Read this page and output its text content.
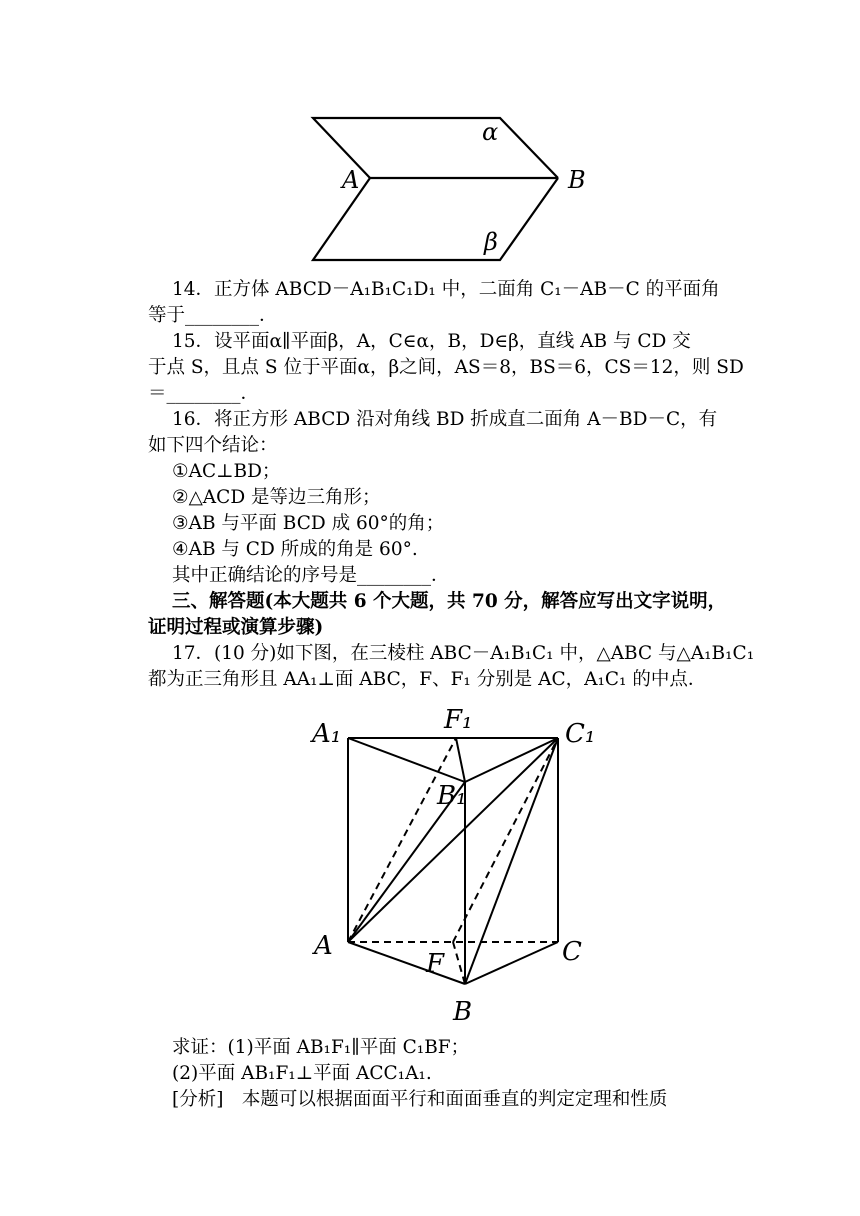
α
β
A	B
14．正方体 ABCD－A₁B₁C₁D₁ 中，二面角 C₁－AB－C 的平面角
等于________．
15．设平面α∥平面β，A，C∈α，B，D∈β，直线 AB 与 CD 交
于点 S，且点 S 位于平面α，β之间，AS＝8，BS＝6，CS＝12，则 SD
＝________．
16．将正方形 ABCD 沿对角线 BD 折成直二面角 A－BD－C，有
如下四个结论：
①AC⊥BD；
②△ACD 是等边三角形；
③AB 与平面 BCD 成 60°的角；
④AB 与 CD 所成的角是 60°.
其中正确结论的序号是________．
三、解答题(本大题共 6 个大题，共 70 分，解答应写出文字说明，
证明过程或演算步骤)
17．(10 分)如下图，在三棱柱 ABC－A₁B₁C₁ 中，△ABC 与△A₁B₁C₁
都为正三角形且 AA₁⊥面 ABC，F、F₁ 分别是 AC，A₁C₁ 的中点．
A₁	F₁	C₁
B₁
A
F	C
B
求证：(1)平面 AB₁F₁∥平面 C₁BF；
(2)平面 AB₁F₁⊥平面 ACC₁A₁.
[分析]　本题可以根据面面平行和面面垂直的判定定理和性质
